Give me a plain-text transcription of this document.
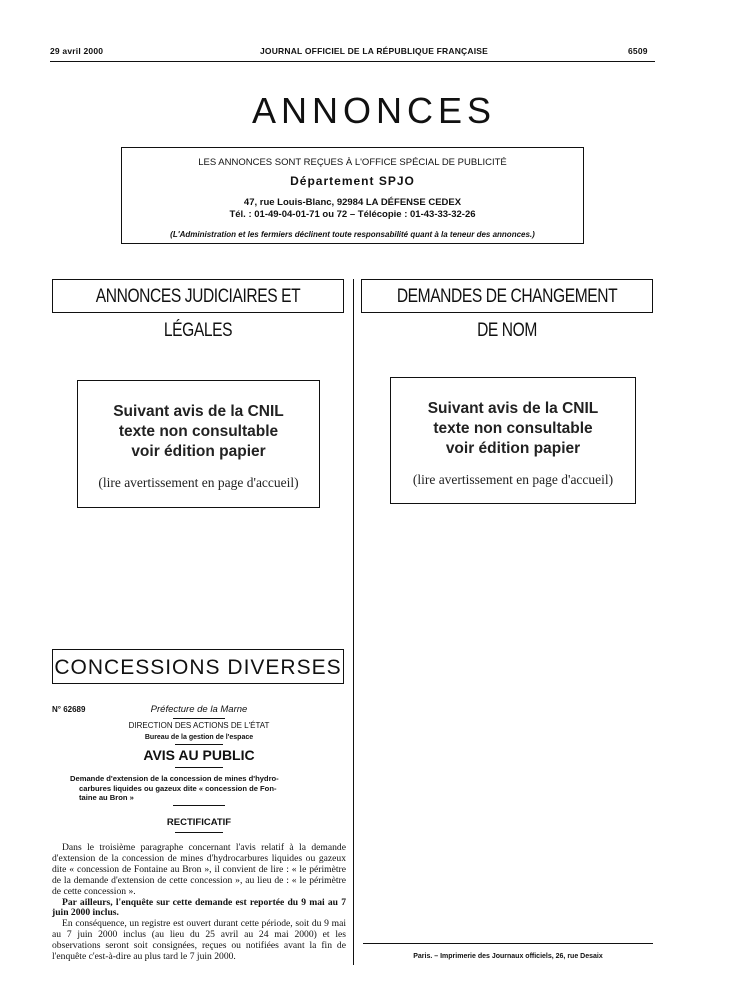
29 avril 2000	JOURNAL OFFICIEL DE LA RÉPUBLIQUE FRANÇAISE	6509
ANNONCES
LES ANNONCES SONT REÇUES À L'OFFICE SPÉCIAL DE PUBLICITÉ
Département SPJO
47, rue Louis-Blanc, 92984 LA DÉFENSE CEDEX
Tél. : 01-49-04-01-71 ou 72 – Télécopie : 01-43-33-32-26
(L'Administration et les fermiers déclinent toute responsabilité quant à la teneur des annonces.)
ANNONCES JUDICIAIRES ET LÉGALES
DEMANDES DE CHANGEMENT DE NOM
Suivant avis de la CNIL
texte non consultable
voir édition papier
(lire avertissement en page d'accueil)
Suivant avis de la CNIL
texte non consultable
voir édition papier
(lire avertissement en page d'accueil)
CONCESSIONS DIVERSES
N° 62689	Préfecture de la Marne
DIRECTION DES ACTIONS DE L'ÉTAT
Bureau de la gestion de l'espace
AVIS AU PUBLIC
Demande d'extension de la concession de mines d'hydro-
carbures liquides ou gazeux dite « concession de Fon-
taine au Bron »
RECTIFICATIF

Dans le troisième paragraphe concernant l'avis relatif à la demande d'extension de la concession de mines d'hydrocarbures liquides ou gazeux dite « concession de Fontaine au Bron », il convient de lire : « le périmètre de la demande d'extension de cette concession », au lieu de : « le périmètre de cette concession ».

Par ailleurs, l'enquête sur cette demande est reportée du 9 mai au 7 juin 2000 inclus.

En conséquence, un registre est ouvert durant cette période, soit du 9 mai au 7 juin 2000 inclus (au lieu du 25 avril au 24 mai 2000) et les observations seront soit consignées, reçues ou notifiées avant la fin de l'enquête c'est-à-dire au plus tard le 7 juin 2000.	Paris. – Imprimerie des Journaux officiels, 26, rue Desaix
